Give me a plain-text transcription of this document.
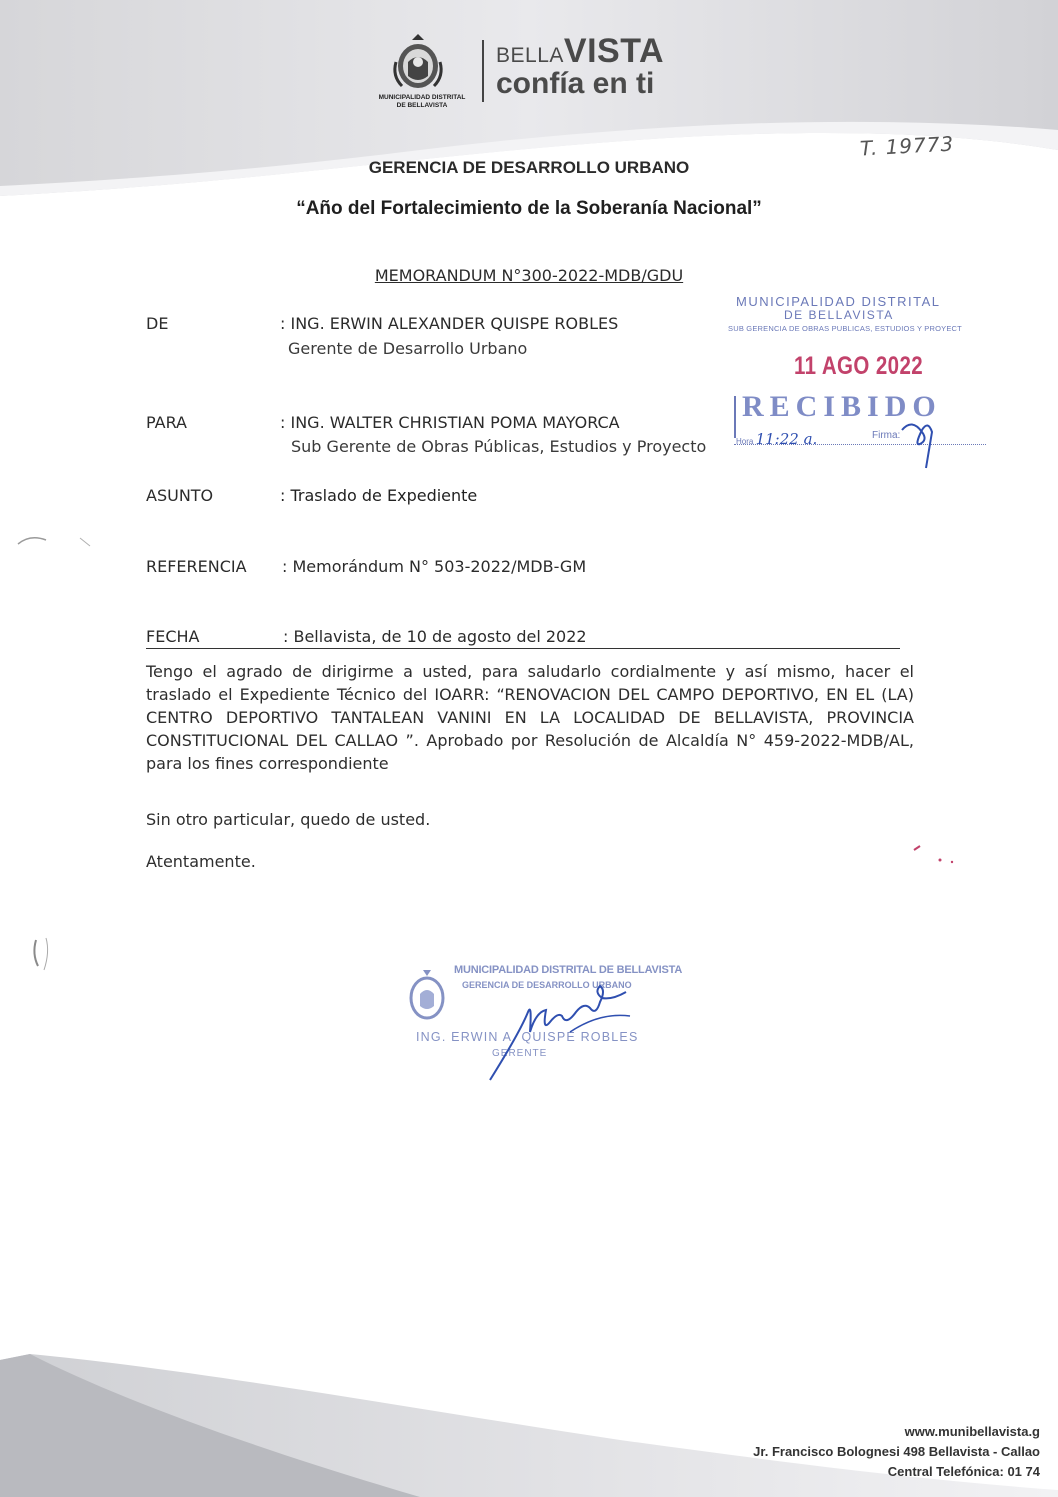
MUNICIPALIDAD DISTRITAL
DE BELLAVISTA
BELLAVISTA
confía en ti
T. 19773
GERENCIA DE DESARROLLO URBANO
“Año del Fortalecimiento de la Soberanía Nacional”
MEMORANDUM N°300-2022-MDB/GDU
DE	: ING. ERWIN ALEXANDER QUISPE ROBLES
Gerente de Desarrollo Urbano
PARA	: ING. WALTER CHRISTIAN POMA MAYORCA
Sub Gerente de Obras Públicas, Estudios y Proyecto
ASUNTO	: Traslado de Expediente
REFERENCIA : Memorándum N° 503-2022/MDB-GM
FECHA	: Bellavista, de 10 de agosto del 2022
Tengo el agrado de dirigirme a usted, para saludarlo cordialmente y así mismo, hacer el traslado el Expediente Técnico del IOARR: “RENOVACION DEL CAMPO DEPORTIVO, EN EL (LA) CENTRO DEPORTIVO TANTALEAN VANINI EN LA LOCALIDAD DE BELLAVISTA, PROVINCIA CONSTITUCIONAL DEL CALLAO ”. Aprobado por Resolución de Alcaldía N° 459-2022-MDB/AL, para los fines correspondiente
Sin otro particular, quedo de usted.
Atentamente.
MUNICIPALIDAD DISTRITAL
DE BELLAVISTA
SUB GERENCIA DE OBRAS PUBLICAS, ESTUDIOS Y PROYECT
11 AGO 2022
RECIBIDO
Hora 11:22 a.	Firma:
MUNICIPALIDAD DISTRITAL DE BELLAVISTA
GERENCIA DE DESARROLLO URBANO
ING. ERWIN A. QUISPE ROBLES
GERENTE
www.munibellavista.g
Jr. Francisco Bolognesi 498 Bellavista - Callao
Central Telefónica: 01 74
